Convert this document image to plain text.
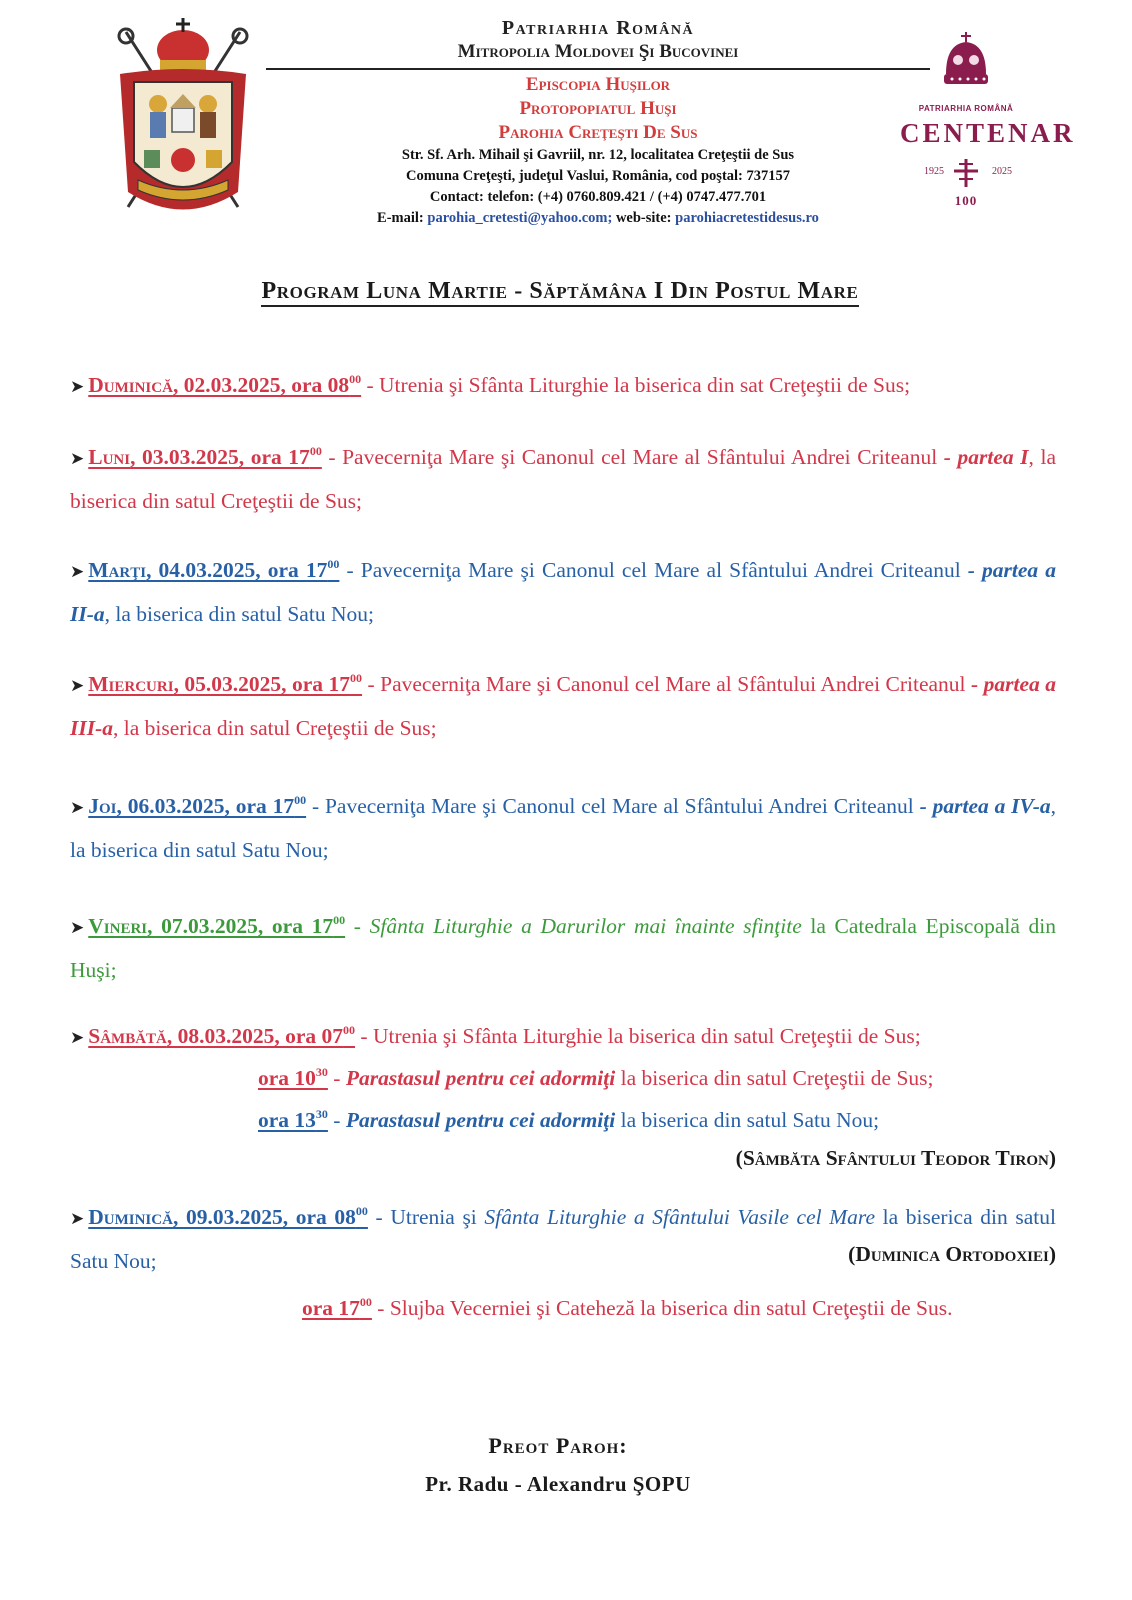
Patriarhia Română
Mitropolia Moldovei Şi Bucovinei
Episcopia Huşilor
Protopopiatul Huşi
Parohia Creţeşti De Sus
Str. Sf. Arh. Mihail şi Gavriil, nr. 12, localitatea Creţeştii de Sus
Comuna Creţeşti, judeţul Vaslui, România, cod poştal: 737157
Contact: telefon: (+4) 0760.809.421 / (+4) 0747.477.701
E-mail: parohia_cretesti@yahoo.com; web-site: parohiacretestidesus.ro
PATRIARHIA ROMÂNĂ
CENTENAR
1925	2025
100
Program Luna Martie - Săptămâna I Din Postul Mare
➤ Duminică, 02.03.2025, ora $08^{00}$ - Utrenia şi Sfânta Liturghie la biserica din sat Creţeştii de Sus;
➤ Luni, 03.03.2025, ora $17^{00}$ - Pavecerniţa Mare şi Canonul cel Mare al Sfântului Andrei Criteanul - partea I, la biserica din satul Creţeştii de Sus;
➤ Marţi, 04.03.2025, ora $17^{00}$ - Pavecerniţa Mare şi Canonul cel Mare al Sfântului Andrei Criteanul - partea a II-a, la biserica din satul Satu Nou;
➤ Miercuri, 05.03.2025, ora $17^{00}$ - Pavecerniţa Mare şi Canonul cel Mare al Sfântului Andrei Criteanul - partea a III-a, la biserica din satul Creţeştii de Sus;
➤ Joi, 06.03.2025, ora $17^{00}$ - Pavecerniţa Mare şi Canonul cel Mare al Sfântului Andrei Criteanul - partea a IV-a, la biserica din satul Satu Nou;
➤ Vineri, 07.03.2025, ora $17^{00}$ - Sfânta Liturghie a Darurilor mai înainte sfinţite la Catedrala Episcopală din Huşi;
➤ Sâmbătă, 08.03.2025, ora $07^{00}$ - Utrenia şi Sfânta Liturghie la biserica din satul Creţeştii de Sus;
ora $10^{30}$ - Parastasul pentru cei adormiţi la biserica din satul Creţeştii de Sus;
ora $13^{30}$ - Parastasul pentru cei adormiţi la biserica din satul Satu Nou;
(Sâmbăta Sfântului Teodor Tiron)
➤ Duminică, 09.03.2025, ora $08^{00}$ - Utrenia şi Sfânta Liturghie a Sfântului Vasile cel Mare la biserica din satul Satu Nou;	(Duminica Ortodoxiei)
ora $17^{00}$ - Slujba Vecerniei şi Cateheză la biserica din satul Creţeştii de Sus.
Preot Paroh:
Pr. Radu - Alexandru ŞOPU
